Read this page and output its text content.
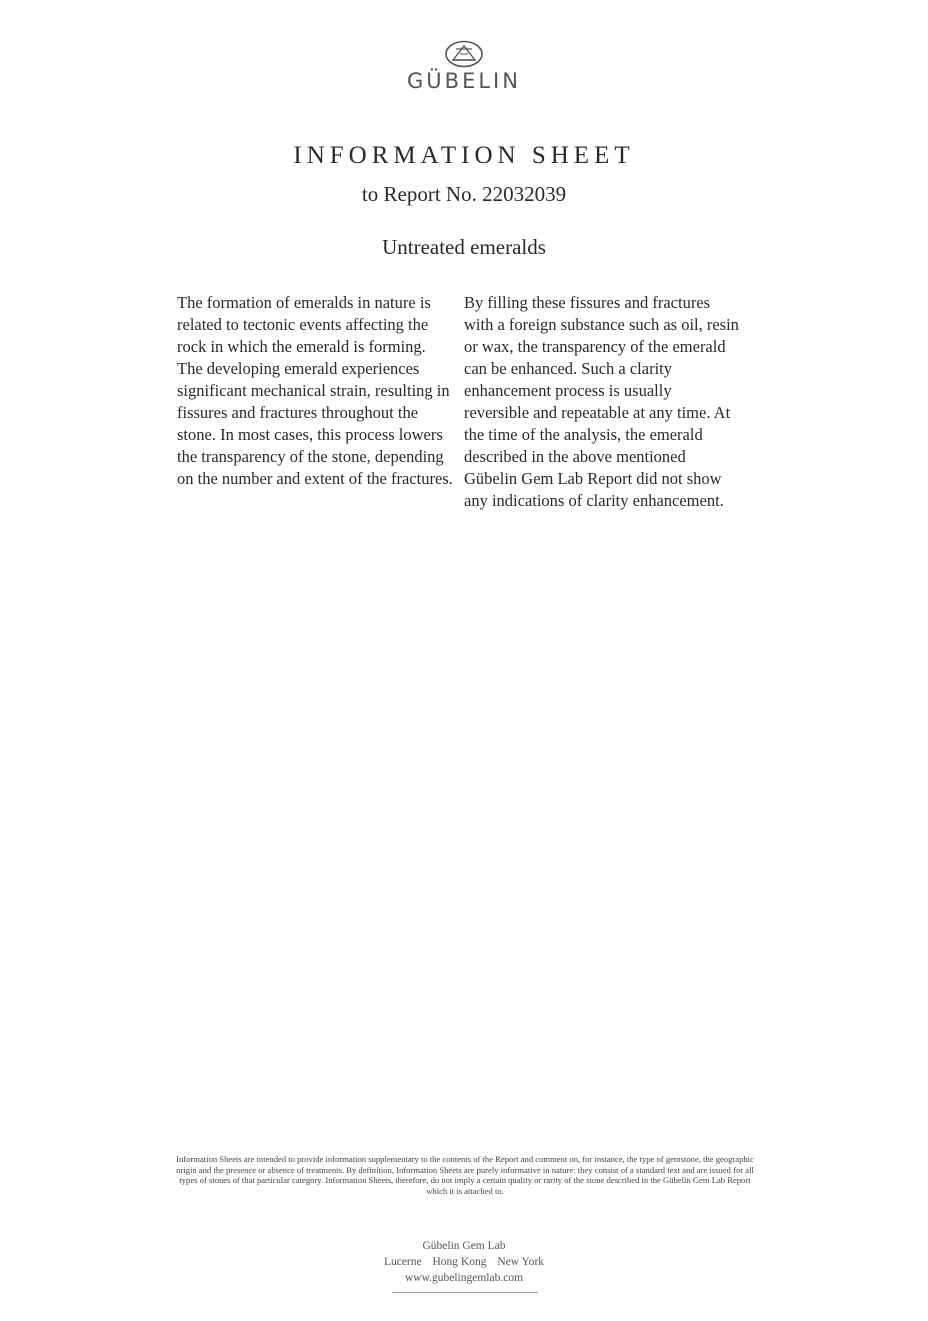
GÜBELIN
INFORMATION SHEET
to Report No. 22032039
Untreated emeralds
The formation of emeralds in nature is related to tectonic events affecting the rock in which the emerald is forming. The developing emerald experiences significant mechanical strain, resulting in fissures and fractures throughout the stone. In most cases, this process lowers the transparency of the stone, depending on the number and extent of the fractures.
By filling these fissures and fractures with a foreign substance such as oil, resin or wax, the transparency of the emerald can be enhanced. Such a clarity enhancement process is usually reversible and repeatable at any time. At the time of the analysis, the emerald described in the above mentioned Gübelin Gem Lab Report did not show any indications of clarity enhancement.
Information Sheets are intended to provide information supplementary to the contents of the Report and comment on, for instance, the type of gemstone, the geographic origin and the presence or absence of treatments. By definition, Information Sheets are purely informative in nature: they consist of a standard text and are issued for all types of stones of that particular category. Information Sheets, therefore, do not imply a certain quality or rarity of the stone described in the Gübelin Gem Lab Report which it is attached to.
Gübelin Gem Lab
Lucerne Hong Kong New York
www.gubelingemlab.com
